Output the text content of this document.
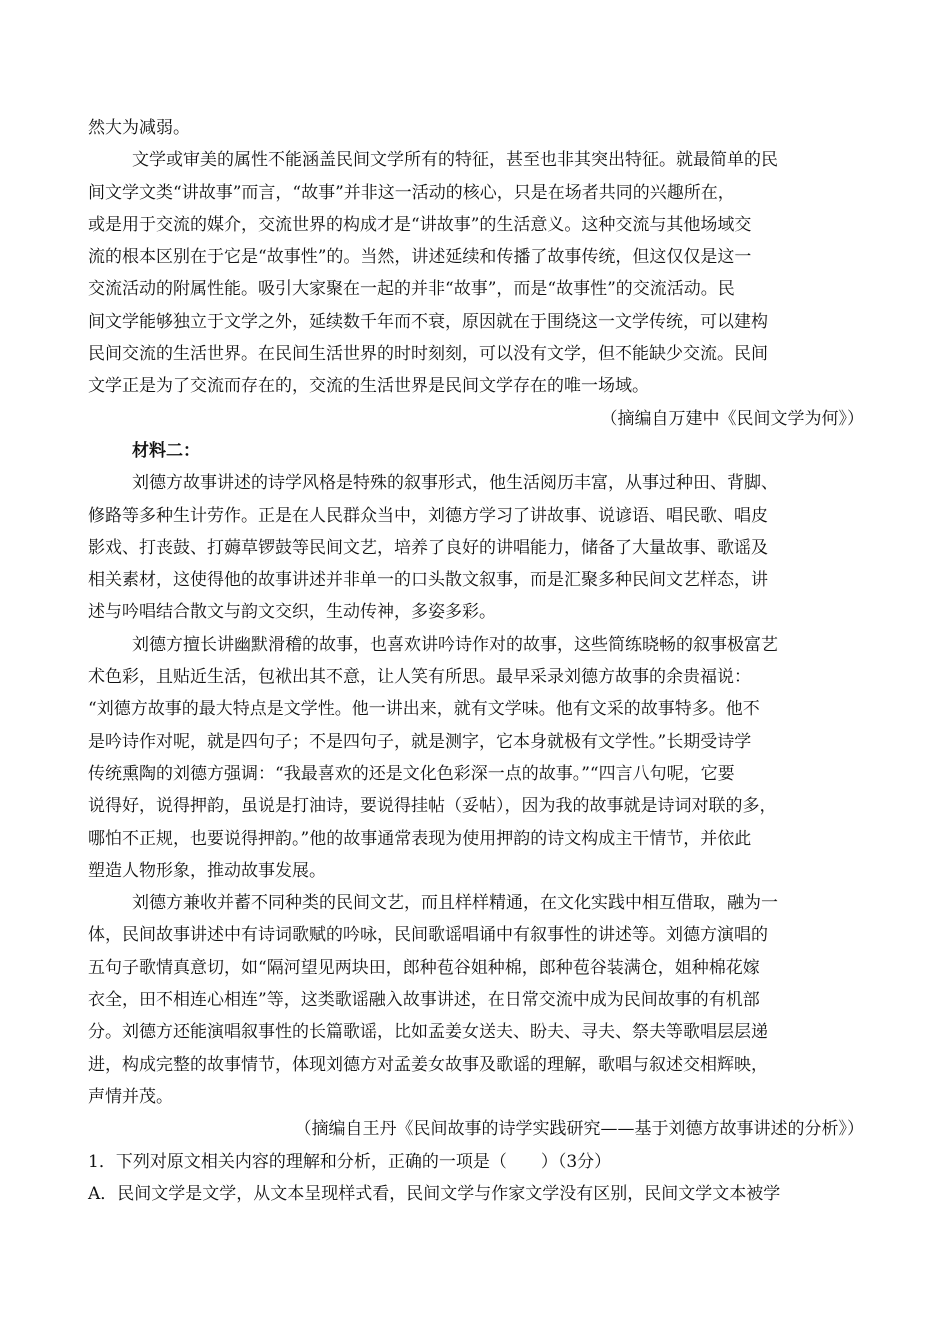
然大为减弱。
文学或审美的属性不能涵盖民间文学所有的特征，甚至也非其突出特征。就最简单的民
间文学文类“讲故事”而言，“故事”并非这一活动的核心，只是在场者共同的兴趣所在，
或是用于交流的媒介，交流世界的构成才是“讲故事”的生活意义。这种交流与其他场域交
流的根本区别在于它是“故事性”的。当然，讲述延续和传播了故事传统，但这仅仅是这一
交流活动的附属性能。吸引大家聚在一起的并非“故事”，而是“故事性”的交流活动。民
间文学能够独立于文学之外，延续数千年而不衰，原因就在于围绕这一文学传统，可以建构
民间交流的生活世界。在民间生活世界的时时刻刻，可以没有文学，但不能缺少交流。民间
文学正是为了交流而存在的，交流的生活世界是民间文学存在的唯一场域。
（摘编自万建中《民间文学为何》）
材料二：
刘德方故事讲述的诗学风格是特殊的叙事形式，他生活阅历丰富，从事过种田、背脚、
修路等多种生计劳作。正是在人民群众当中，刘德方学习了讲故事、说谚语、唱民歌、唱皮
影戏、打丧鼓、打薅草锣鼓等民间文艺，培养了良好的讲唱能力，储备了大量故事、歌谣及
相关素材，这使得他的故事讲述并非单一的口头散文叙事，而是汇聚多种民间文艺样态，讲
述与吟唱结合散文与韵文交织，生动传神，多姿多彩。
刘德方擅长讲幽默滑稽的故事，也喜欢讲吟诗作对的故事，这些简练晓畅的叙事极富艺
术色彩，且贴近生活，包袱出其不意，让人笑有所思。最早采录刘德方故事的余贵福说：
“刘德方故事的最大特点是文学性。他一讲出来，就有文学味。他有文采的故事特多。他不
是吟诗作对呢，就是四句子；不是四句子，就是测字，它本身就极有文学性。”长期受诗学
传统熏陶的刘德方强调：“我最喜欢的还是文化色彩深一点的故事。”“四言八句呢，它要
说得好，说得押韵，虽说是打油诗，要说得挂帖（妥帖），因为我的故事就是诗词对联的多，
哪怕不正规，也要说得押韵。”他的故事通常表现为使用押韵的诗文构成主干情节，并依此
塑造人物形象，推动故事发展。
刘德方兼收并蓄不同种类的民间文艺，而且样样精通，在文化实践中相互借取，融为一
体，民间故事讲述中有诗词歌赋的吟咏，民间歌谣唱诵中有叙事性的讲述等。刘德方演唱的
五句子歌情真意切，如“隔河望见两块田，郎种苞谷姐种棉，郎种苞谷装满仓，姐种棉花嫁
衣全，田不相连心相连”等，这类歌谣融入故事讲述，在日常交流中成为民间故事的有机部
分。刘德方还能演唱叙事性的长篇歌谣，比如孟姜女送夫、盼夫、寻夫、祭夫等歌唱层层递
进，构成完整的故事情节，体现刘德方对孟姜女故事及歌谣的理解，歌唱与叙述交相辉映，
声情并茂。
（摘编自王丹《民间故事的诗学实践研究——基于刘德方故事讲述的分析》）
1．下列对原文相关内容的理解和分析，正确的一项是（　　）（3分）
A．民间文学是文学，从文本呈现样式看，民间文学与作家文学没有区别，民间文学文本被学
